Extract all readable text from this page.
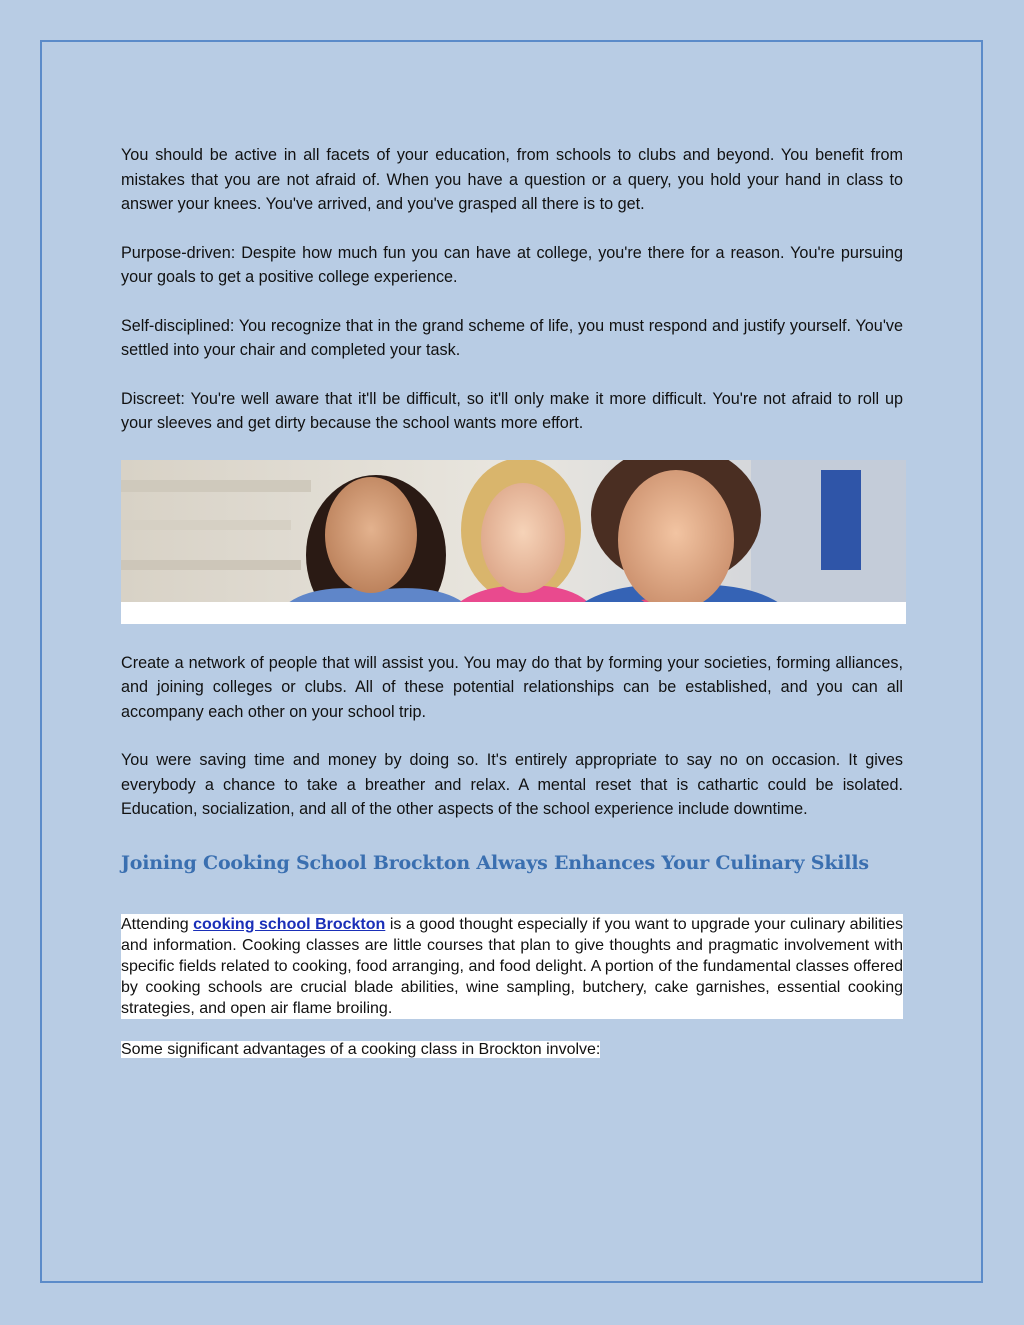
You should be active in all facets of your education, from schools to clubs and beyond. You benefit from mistakes that you are not afraid of. When you have a question or a query, you hold your hand in class to answer your knees. You've arrived, and you've grasped all there is to get.

Purpose-driven: Despite how much fun you can have at college, you're there for a reason. You're pursuing your goals to get a positive college experience.

Self-disciplined: You recognize that in the grand scheme of life, you must respond and justify yourself. You've settled into your chair and completed your task.

Discreet: You're well aware that it'll be difficult, so it'll only make it more difficult. You're not afraid to roll up your sleeves and get dirty because the school wants more effort.

Create a network of people that will assist you. You may do that by forming your societies, forming alliances, and joining colleges or clubs. All of these potential relationships can be established, and you can all accompany each other on your school trip.

You were saving time and money by doing so. It's entirely appropriate to say no on occasion. It gives everybody a chance to take a breather and relax. A mental reset that is cathartic could be isolated. Education, socialization, and all of the other aspects of the school experience include downtime.

Joining Cooking School Brockton Always Enhances Your Culinary Skills

Attending cooking school Brockton is a good thought especially if you want to upgrade your culinary abilities and information. Cooking classes are little courses that plan to give thoughts and pragmatic involvement with specific fields related to cooking, food arranging, and food delight. A portion of the fundamental classes offered by cooking schools are crucial blade abilities, wine sampling, butchery, cake garnishes, essential cooking strategies, and open air flame broiling.

Some significant advantages of a cooking class in Brockton involve:
